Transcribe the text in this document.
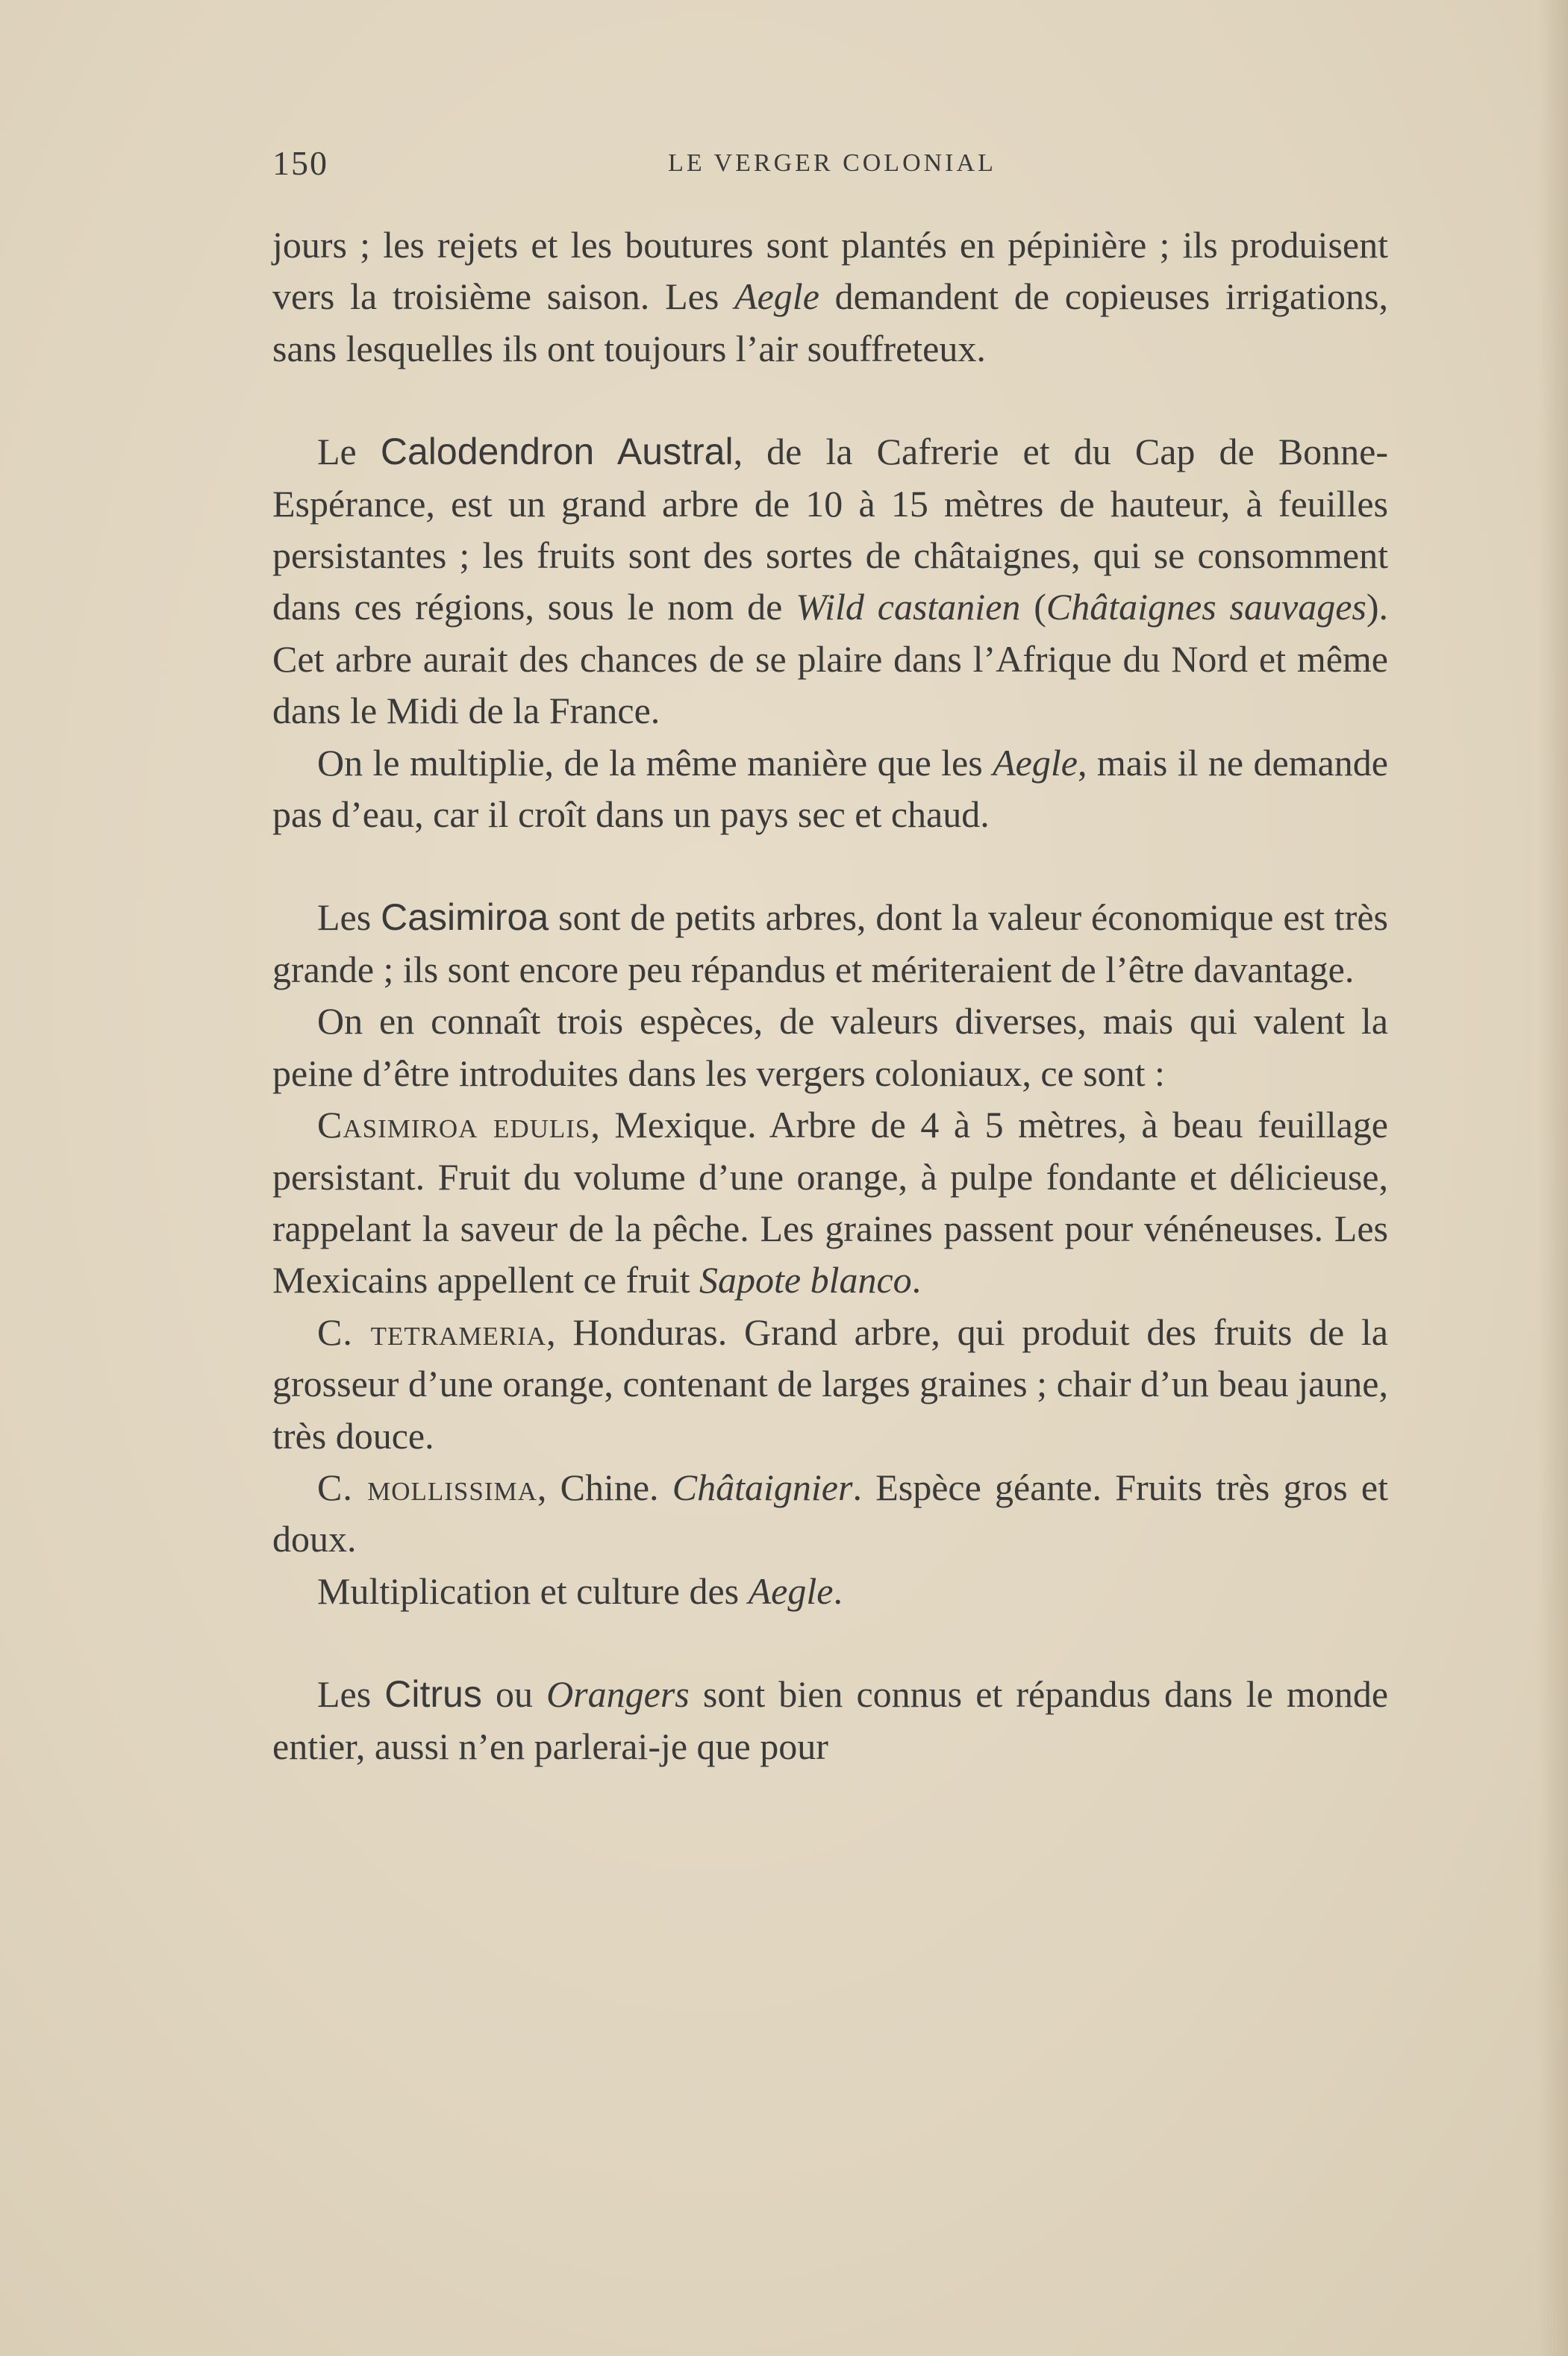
150	LE VERGER COLONIAL

jours ; les rejets et les boutures sont plantés en pépinière ; ils produisent vers la troisième saison. Les Aegle demandent de copieuses irrigations, sans lesquelles ils ont toujours l’air souffreteux.

Le Calodendron Austral, de la Cafrerie et du Cap de Bonne-Espérance, est un grand arbre de 10 à 15 mètres de hauteur, à feuilles persistantes ; les fruits sont des sortes de châtaignes, qui se consomment dans ces régions, sous le nom de Wild castanien (Châtaignes sauvages). Cet arbre aurait des chances de se plaire dans l’Afrique du Nord et même dans le Midi de la France.

On le multiplie, de la même manière que les Aegle, mais il ne demande pas d’eau, car il croît dans un pays sec et chaud.

Les Casimiroa sont de petits arbres, dont la valeur économique est très grande ; ils sont encore peu répandus et mériteraient de l’être davantage.

On en connaît trois espèces, de valeurs diverses, mais qui valent la peine d’être introduites dans les vergers coloniaux, ce sont :

Casimiroa edulis, Mexique. Arbre de 4 à 5 mètres, à beau feuillage persistant. Fruit du volume d’une orange, à pulpe fondante et délicieuse, rappelant la saveur de la pêche. Les graines passent pour vénéneuses. Les Mexicains appellent ce fruit Sapote blanco.

C. tetrameria, Honduras. Grand arbre, qui produit des fruits de la grosseur d’une orange, contenant de larges graines ; chair d’un beau jaune, très douce.

C. mollissima, Chine. Châtaignier. Espèce géante. Fruits très gros et doux.

Multiplication et culture des Aegle.

Les Citrus ou Orangers sont bien connus et répandus dans le monde entier, aussi n’en parlerai-je que pour
